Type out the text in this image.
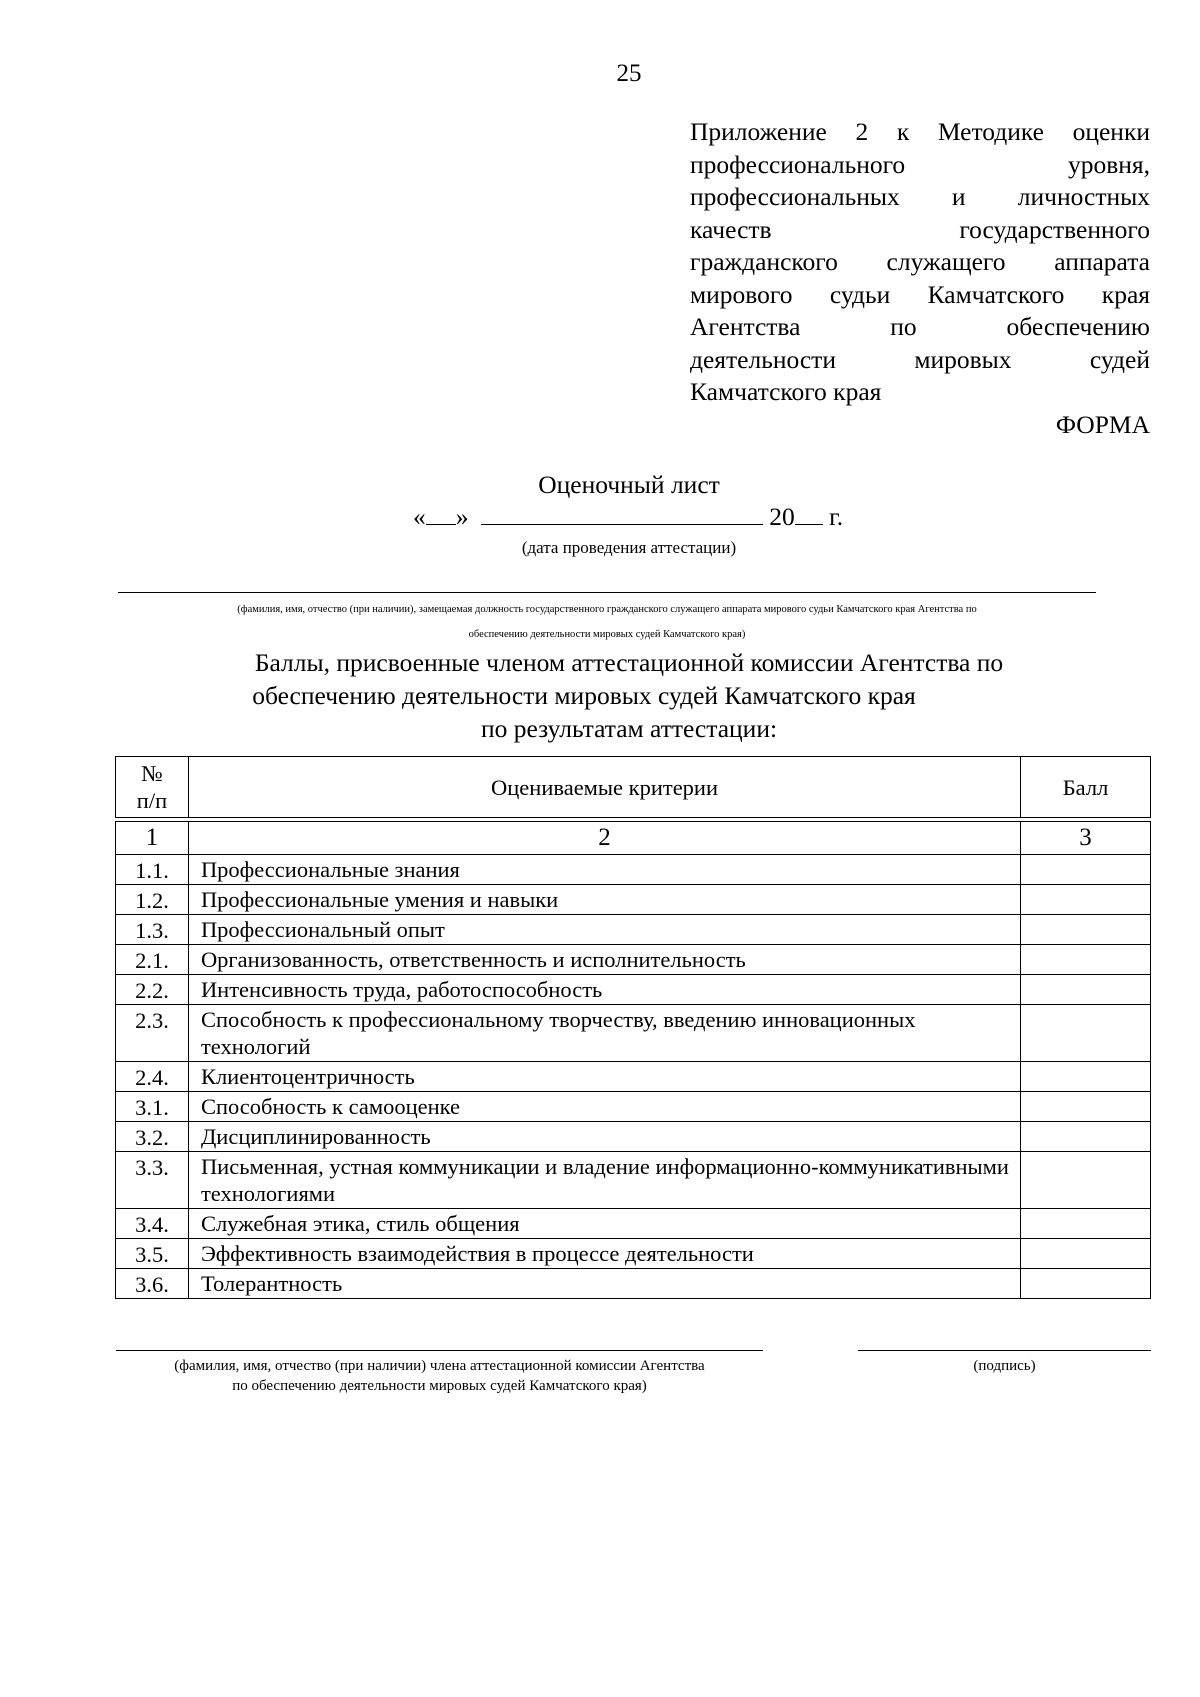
25
Приложение 2 к Методике оценки
профессионального уровня,
профессиональных и личностных
качеств государственного
гражданского служащего аппарата
мирового судьи Камчатского края
Агентства по обеспечению
деятельности мировых судей
Камчатского края
ФОРМА
Оценочный лист
« »	20 г.
(дата проведения аттестации)
(фамилия, имя, отчество (при наличии), замещаемая должность государственного гражданского служащего аппарата мирового судьи Камчатского края Агентства по
обеспечению деятельности мировых судей Камчатского края)
Баллы, присвоенные членом аттестационной комиссии Агентства по
обеспечению деятельности мировых судей Камчатского края
по результатам аттестации:
№
п/п	Оцениваемые критерии	Балл

1	2	3
1.1.	Профессиональные знания	
1.2.	Профессиональные умения и навыки	
1.3.	Профессиональный опыт	
2.1.	Организованность, ответственность и исполнительность	
2.2.	Интенсивность труда, работоспособность	
2.3.	Способность к профессиональному творчеству, введению инновационных технологий	
2.4.	Клиентоцентричность	
3.1.	Способность к самооценке	
3.2.	Дисциплинированность	
3.3.	Письменная, устная коммуникации и владение информационно-коммуникативными технологиями	
3.4.	Служебная этика, стиль общения	
3.5.	Эффективность взаимодействия в процессе деятельности	
3.6.	Толерантность	
(фамилия, имя, отчество (при наличии) члена аттестационной комиссии Агентства
по обеспечению деятельности мировых судей Камчатского края)
(подпись)
